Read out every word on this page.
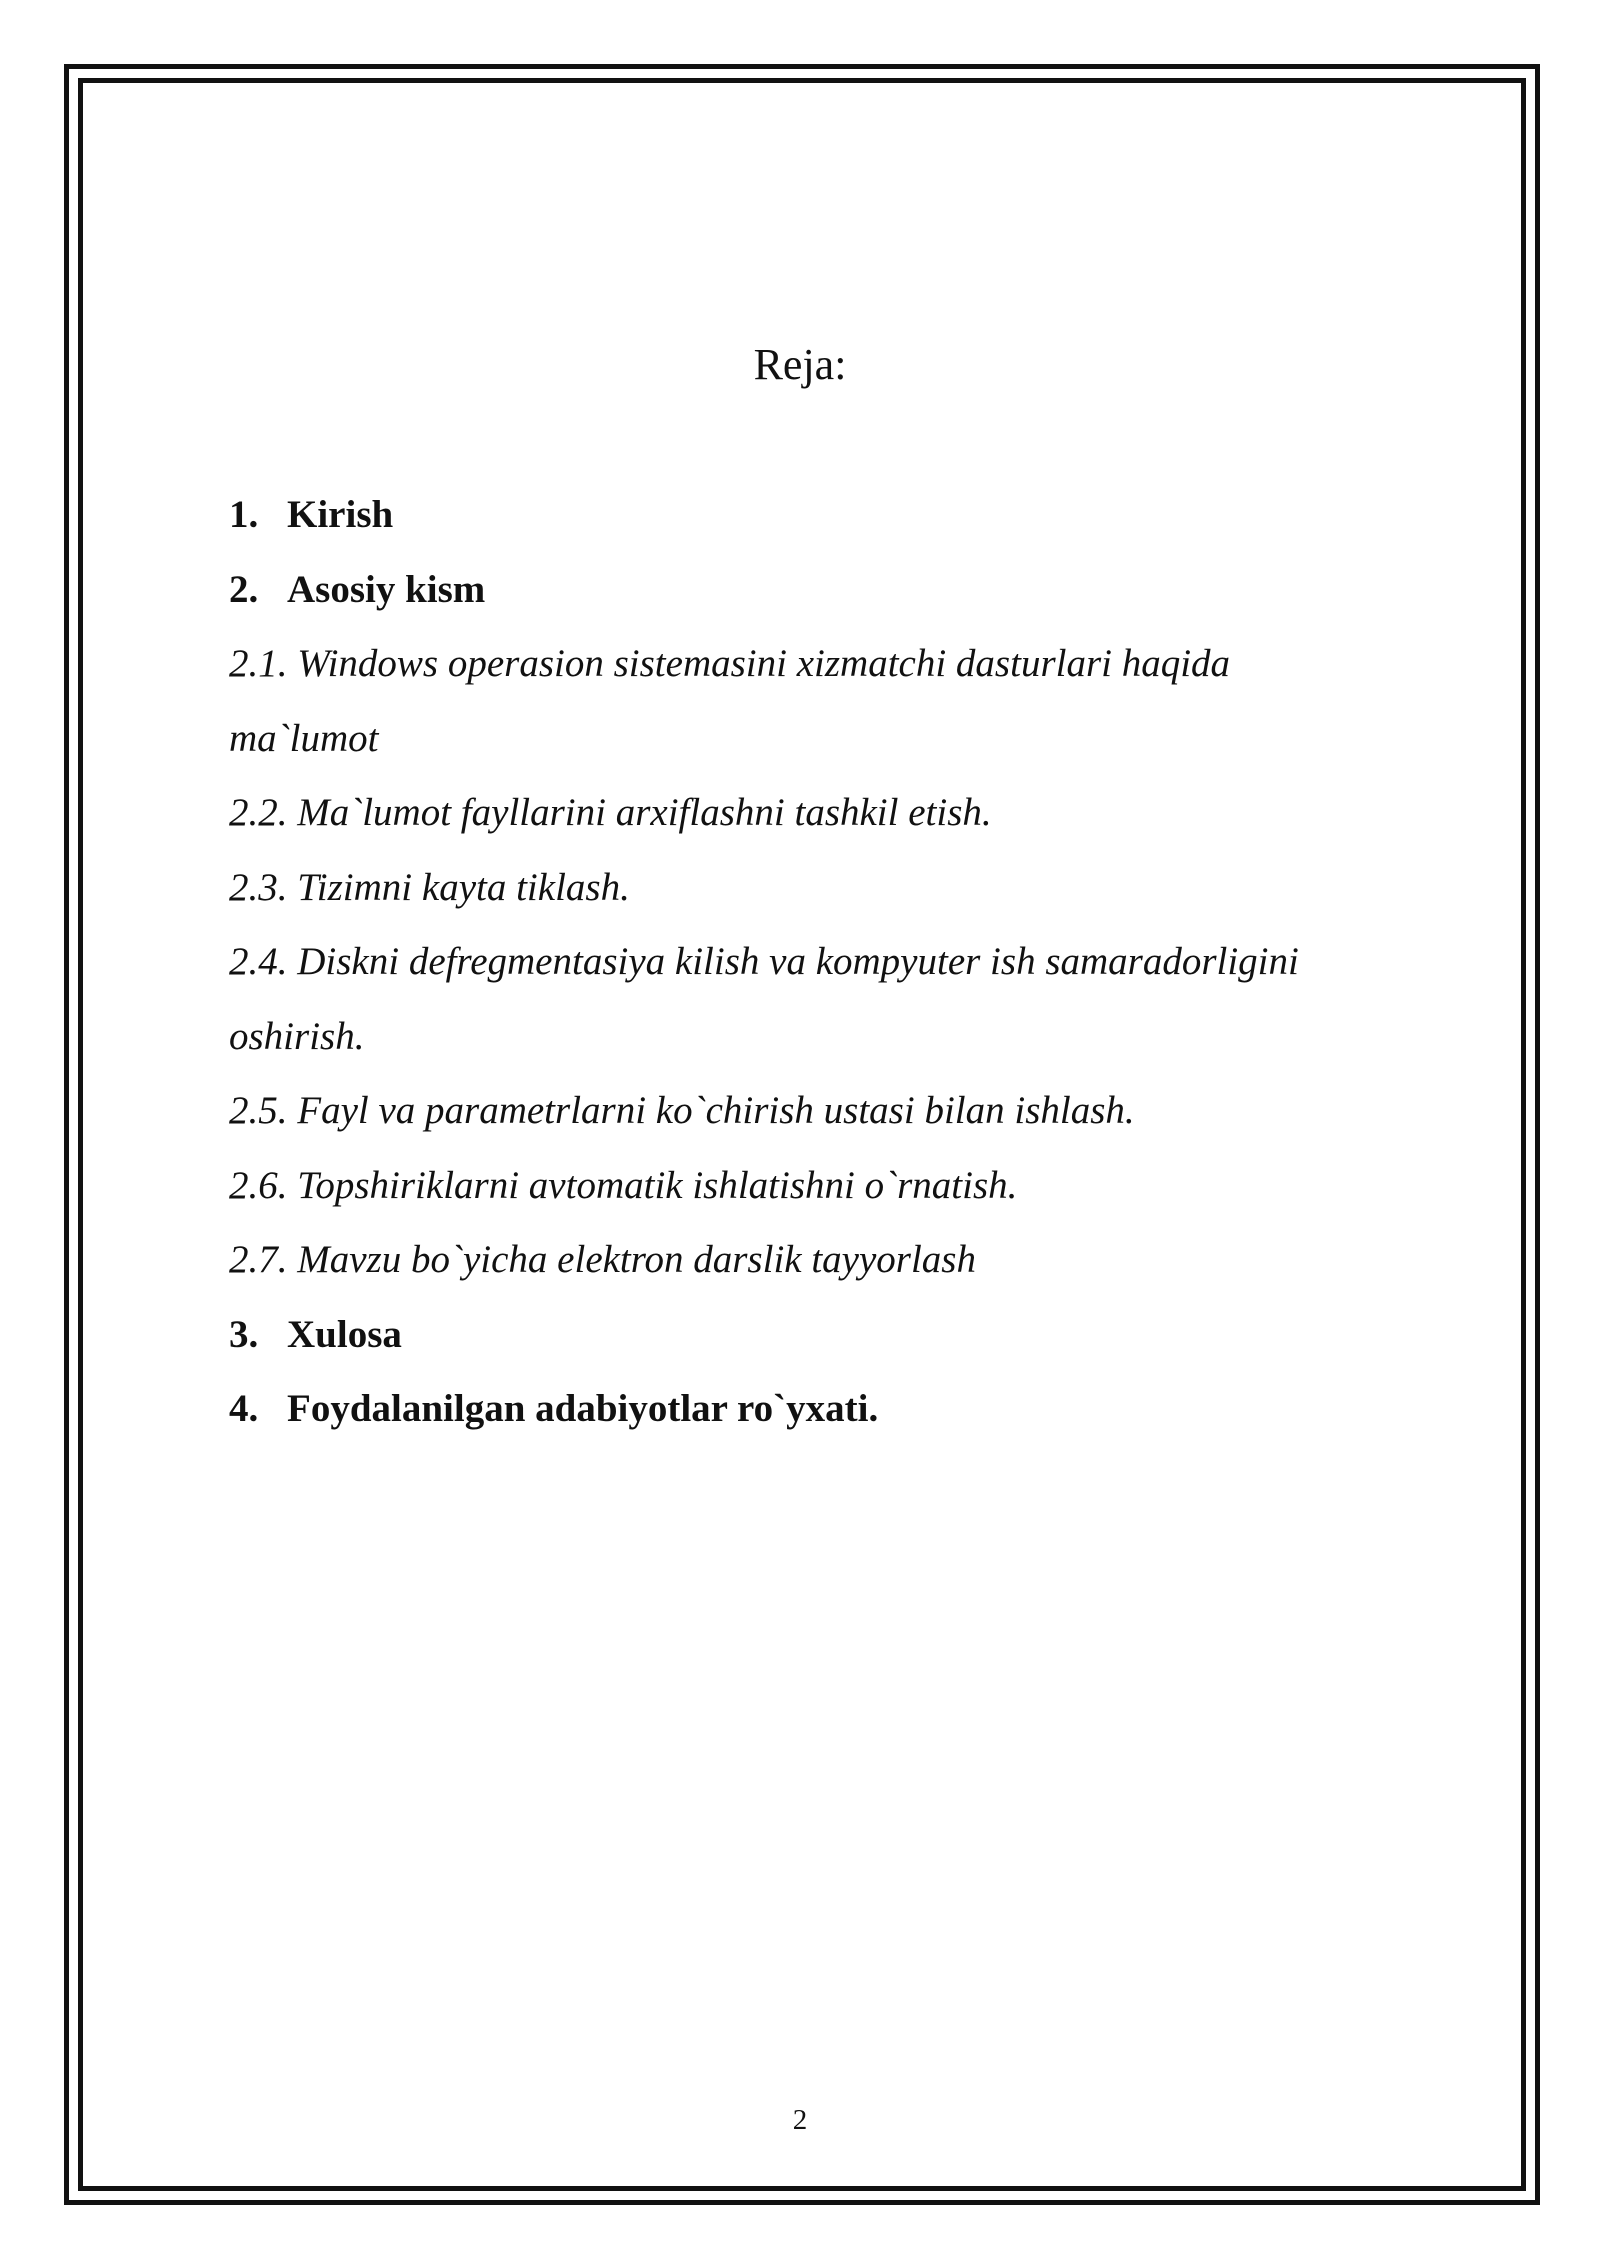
Reja:
1. Kirish
2. Asosiy kism
2.1. Windows operasion sistemasini xizmatchi dasturlari haqida
ma`lumot
2.2. Ma`lumot fayllarini arxiflashni tashkil etish.
2.3. Tizimni kayta tiklash.
2.4. Diskni defregmentasiya kilish va kompyuter ish samaradorligini
oshirish.
2.5. Fayl va parametrlarni ko`chirish ustasi bilan ishlash.
2.6. Topshiriklarni avtomatik ishlatishni o`rnatish.
2.7. Mavzu bo`yicha elektron darslik tayyorlash
3. Xulosa
4. Foydalanilgan adabiyotlar ro`yxati.
2
